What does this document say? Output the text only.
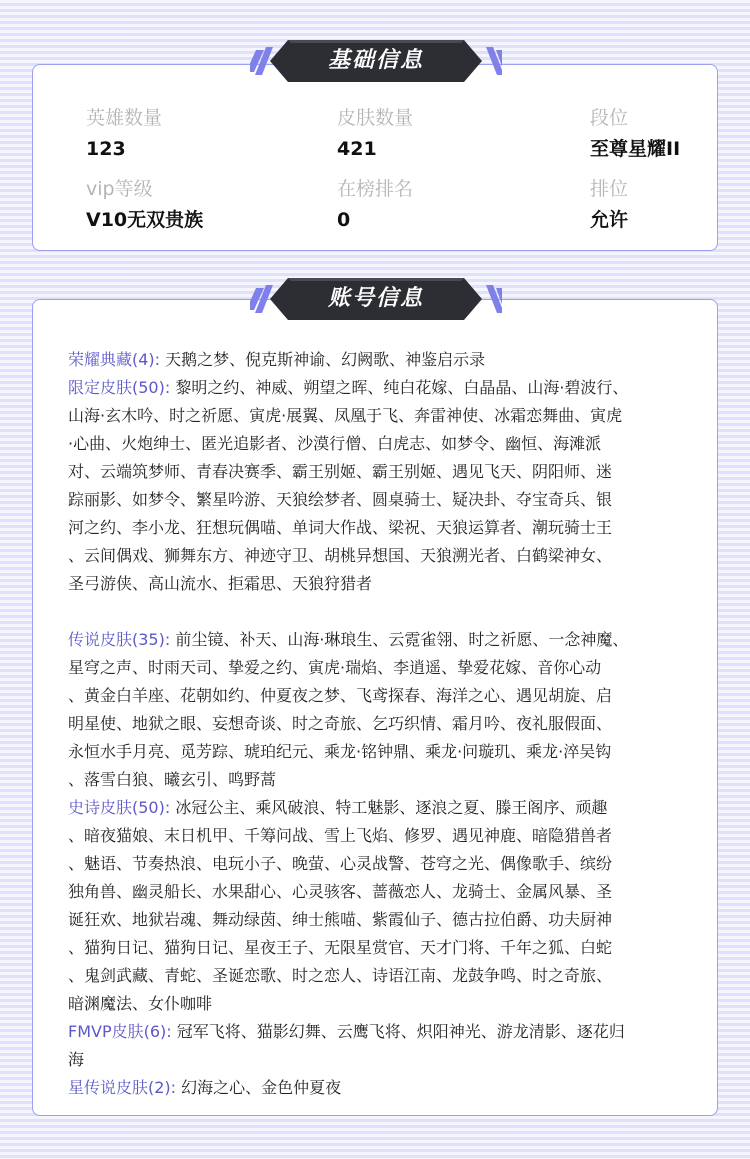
英雄数量
123
皮肤数量
421
段位
至尊星耀II
vip等级
V10无双贵族
在榜排名
0
排位
允许
基础信息
账号信息
荣耀典藏(4): 天鹅之梦、倪克斯神谕、幻阙歌、神鉴启示录
限定皮肤(50): 黎明之约、神威、朔望之晖、纯白花嫁、白晶晶、山海·碧波行、
山海·玄木吟、时之祈愿、寅虎·展翼、凤凰于飞、奔雷神使、冰霜恋舞曲、寅虎
·心曲、火炮绅士、匿光追影者、沙漠行僧、白虎志、如梦令、幽恒、海滩派
对、云端筑梦师、青春决赛季、霸王别姬、霸王别姬、遇见飞天、阴阳师、迷
踪丽影、如梦令、繁星吟游、天狼绘梦者、圆桌骑士、疑决卦、夺宝奇兵、银
河之约、李小龙、狂想玩偶喵、单词大作战、梁祝、天狼运算者、潮玩骑士王
、云间偶戏、狮舞东方、神迹守卫、胡桃异想国、天狼溯光者、白鹤梁神女、
圣弓游侠、高山流水、拒霜思、天狼狩猎者
传说皮肤(35): 前尘镜、补天、山海·琳琅生、云霓雀翎、时之祈愿、一念神魔、
星穹之声、时雨天司、挚爱之约、寅虎·瑞焰、李逍遥、挚爱花嫁、音你心动
、黄金白羊座、花朝如约、仲夏夜之梦、飞鸢探春、海洋之心、遇见胡旋、启
明星使、地狱之眼、妄想奇谈、时之奇旅、乞巧织情、霜月吟、夜礼服假面、
永恒水手月亮、觅芳踪、琥珀纪元、乘龙·铭钟鼎、乘龙·问璇玑、乘龙·淬吴钩
、落雪白狼、曦玄引、鸣野蒿
史诗皮肤(50): 冰冠公主、乘风破浪、特工魅影、逐浪之夏、滕王阁序、顽趣
、暗夜猫娘、末日机甲、千筹问战、雪上飞焰、修罗、遇见神鹿、暗隐猎兽者
、魅语、节奏热浪、电玩小子、晚萤、心灵战警、苍穹之光、偶像歌手、缤纷
独角兽、幽灵船长、水果甜心、心灵骇客、蔷薇恋人、龙骑士、金属风暴、圣
诞狂欢、地狱岩魂、舞动绿茵、绅士熊喵、紫霞仙子、德古拉伯爵、功夫厨神
、猫狗日记、猫狗日记、星夜王子、无限星赏官、天才门将、千年之狐、白蛇
、鬼剑武藏、青蛇、圣诞恋歌、时之恋人、诗语江南、龙鼓争鸣、时之奇旅、
暗渊魔法、女仆咖啡
FMVP皮肤(6): 冠军飞将、猫影幻舞、云鹰飞将、炽阳神光、游龙清影、逐花归
海
星传说皮肤(2): 幻海之心、金色仲夏夜
